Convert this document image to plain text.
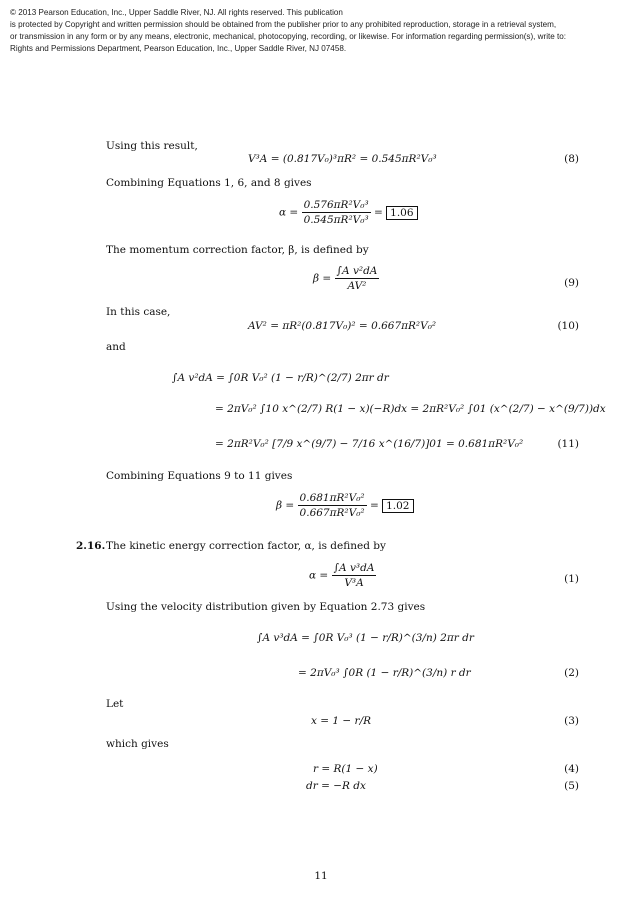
© 2013 Pearson Education, Inc., Upper Saddle River, NJ. All rights reserved. This publication
is protected by Copyright and written permission should be obtained from the publisher prior to any prohibited reproduction, storage in a retrieval system,
or transmission in any form or by any means, electronic, mechanical, photocopying, recording, or likewise. For information regarding permission(s), write to:
Rights and Permissions Department, Pearson Education, Inc., Upper Saddle River, NJ 07458.
Using this result,
V³A = (0.817V₀)³πR² = 0.545πR²V₀³	(8)
Combining Equations 1, 6, and 8 gives
$\alpha = \frac{\text{0.576πR²V₀³}}{\text{0.545πR²V₀³}} = 1.06$
The momentum correction factor, β, is defined by
$\beta = \frac{\text{∫A v²dA}}{\text{AV²}}$	(9)
In this case,
AV² = πR²(0.817V₀)² = 0.667πR²V₀²	(10)
and
∫A v²dA = ∫0R V₀² (1 − r/R)^(2/7) 2πr dr
= 2πV₀² ∫10 x^(2/7) R(1 − x)(−R)dx = 2πR²V₀² ∫01 (x^(2/7) − x^(9/7))dx
= 2πR²V₀² [7/9 x^(9/7) − 7/16 x^(16/7)]01 = 0.681πR²V₀²	(11)
Combining Equations 9 to 11 gives
$\beta = \frac{\text{0.681πR²V₀²}}{\text{0.667πR²V₀²}} = 1.02$
2.16. The kinetic energy correction factor, α, is defined by
$\alpha = \frac{\text{∫A v³dA}}{\text{V³A}}$	(1)
Using the velocity distribution given by Equation 2.73 gives
∫A v³dA = ∫0R V₀³ (1 − r/R)^(3/n) 2πr dr
= 2πV₀³ ∫0R (1 − r/R)^(3/n) r dr	(2)
Let
x = 1 − r/R	(3)
which gives
r = R(1 − x)	(4)
dr = −R dx	(5)
11
